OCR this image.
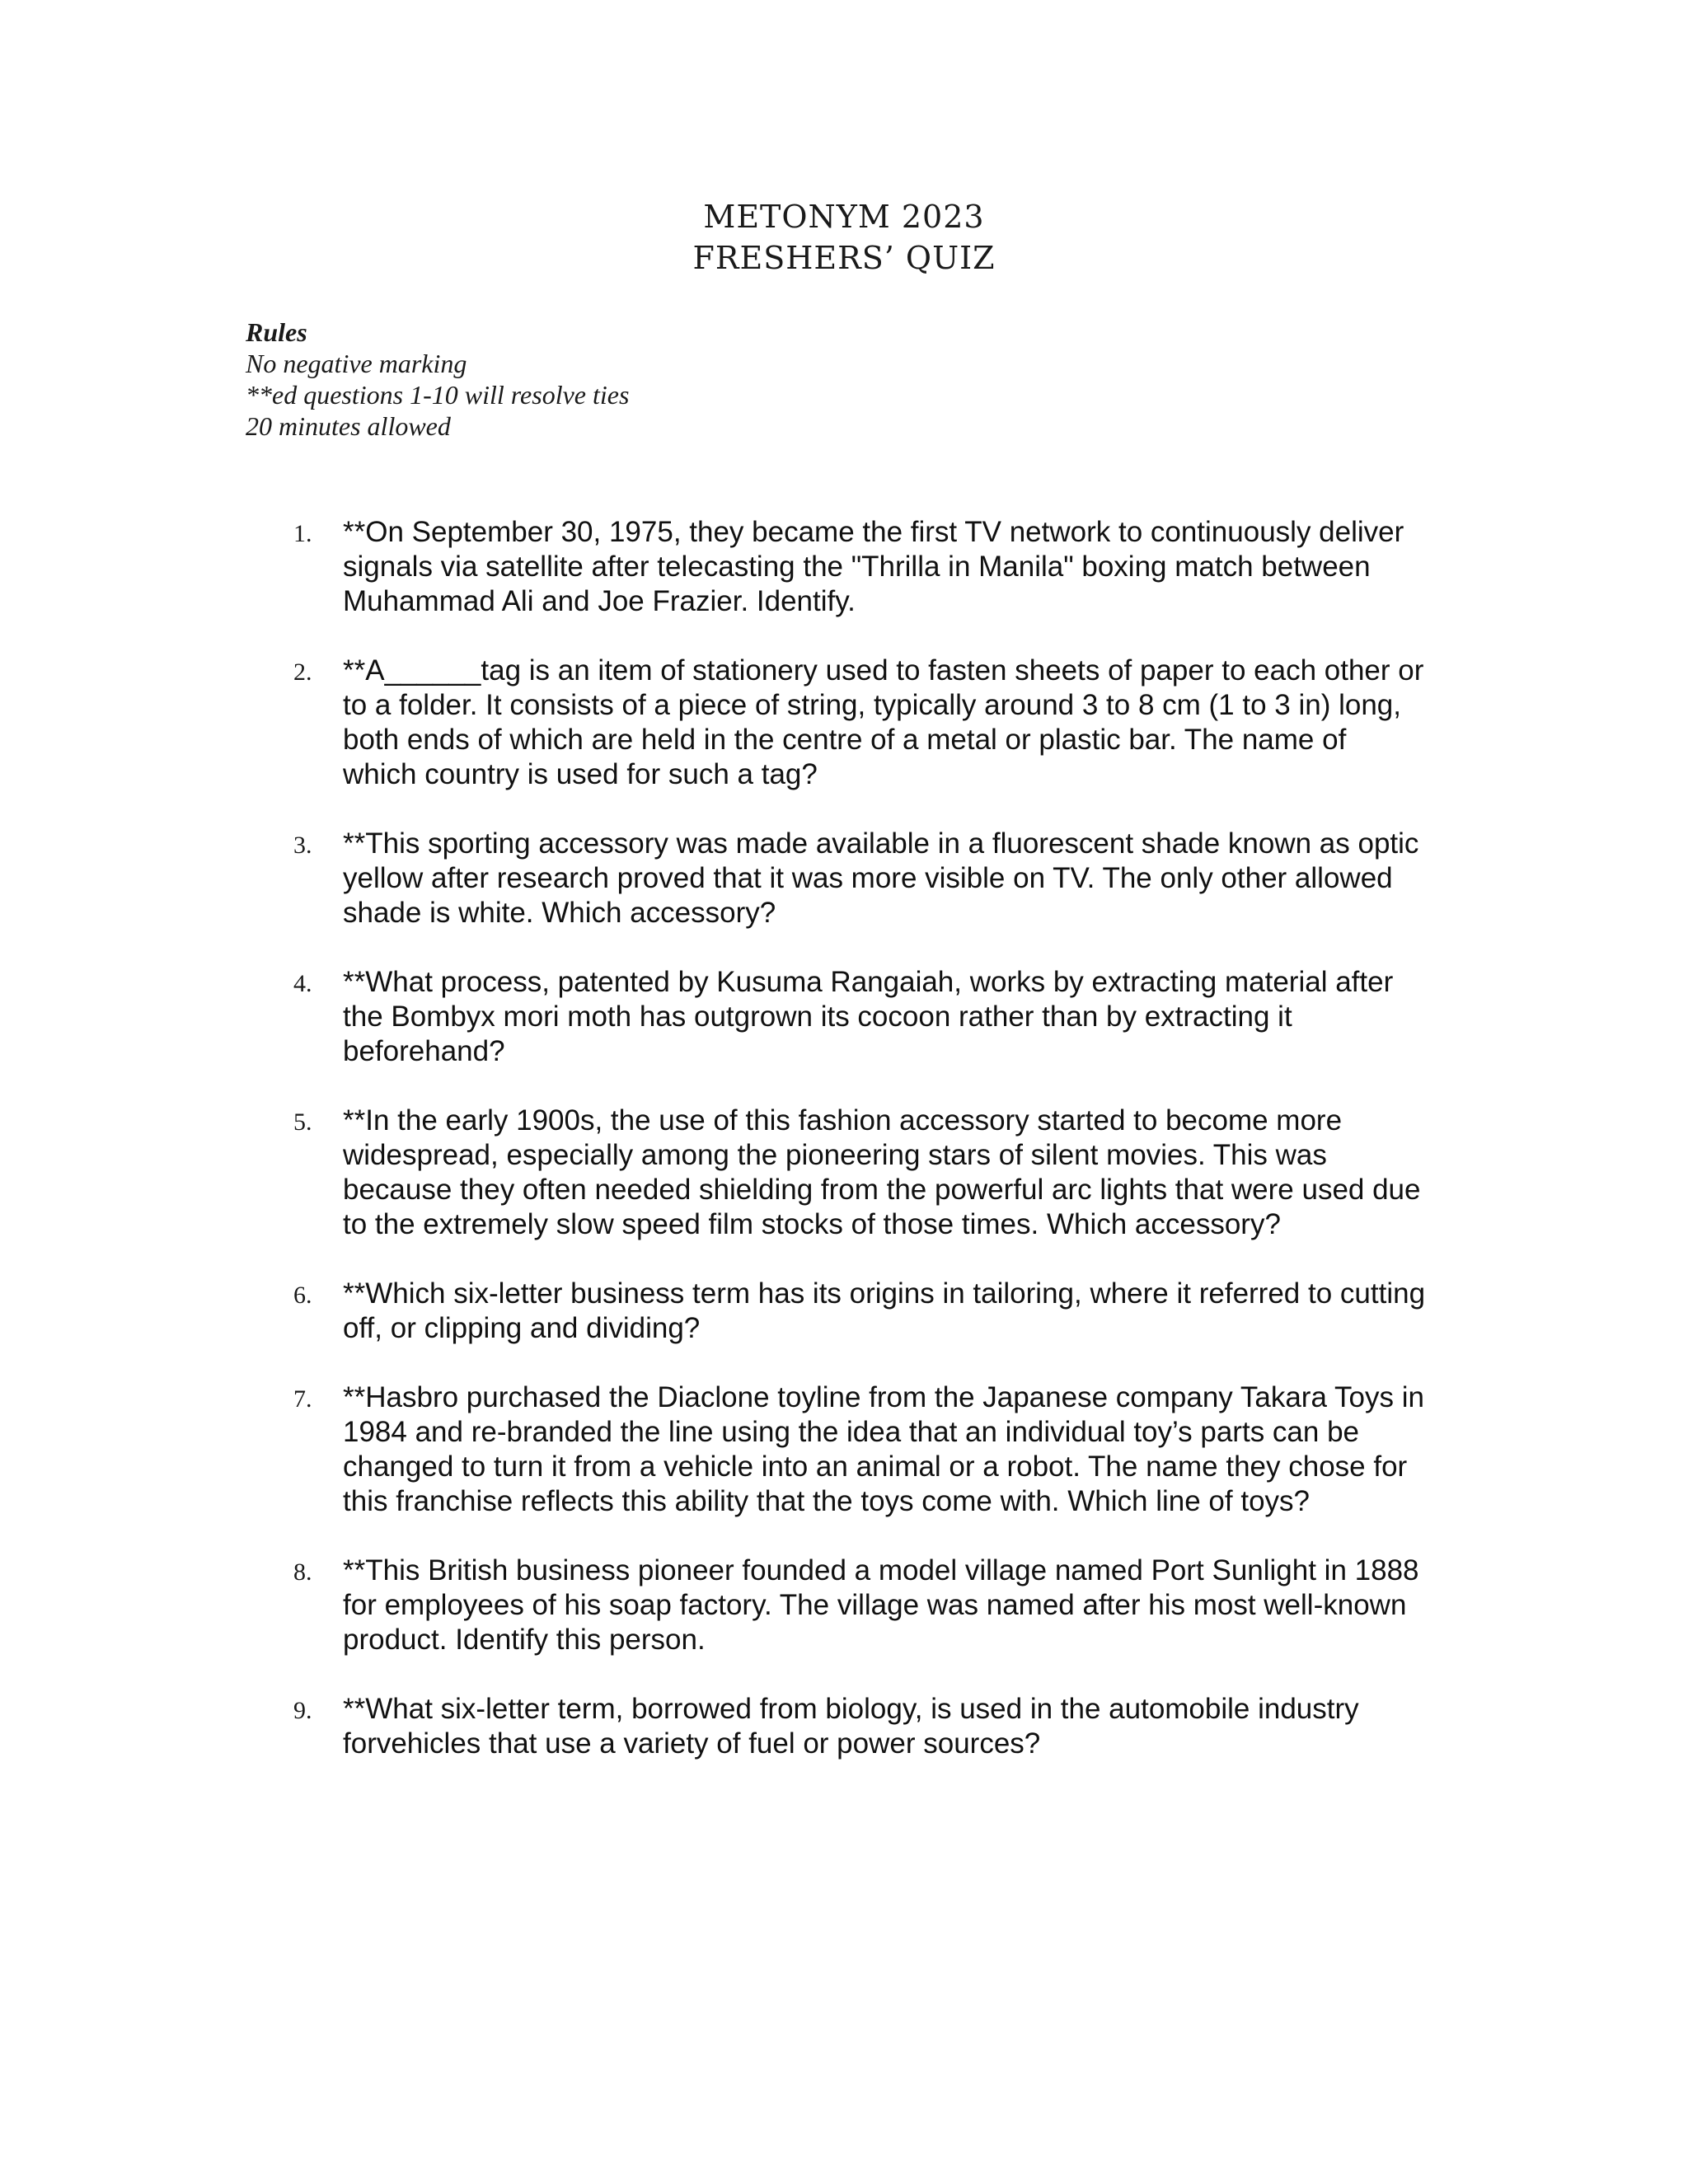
METONYM 2023
FRESHERS’ QUIZ
Rules
No negative marking
**ed questions 1-10 will resolve ties
20 minutes allowed
1. **On September 30, 1975, they became the first TV network to continuously deliver signals via satellite after telecasting the "Thrilla in Manila" boxing match between Muhammad Ali and Joe Frazier. Identify.
2. **A______tag is an item of stationery used to fasten sheets of paper to each other or to a folder. It consists of a piece of string, typically around 3 to 8 cm (1 to 3 in) long, both ends of which are held in the centre of a metal or plastic bar. The name of which country is used for such a tag?
3. **This sporting accessory was made available in a fluorescent shade known as optic yellow after research proved that it was more visible on TV. The only other allowed shade is white. Which accessory?
4. **What process, patented by Kusuma Rangaiah, works by extracting material after the Bombyx mori moth has outgrown its cocoon rather than by extracting it beforehand?
5. **In the early 1900s, the use of this fashion accessory started to become more widespread, especially among the pioneering stars of silent movies. This was because they often needed shielding from the powerful arc lights that were used due to the extremely slow speed film stocks of those times. Which accessory?
6. **Which six-letter business term has its origins in tailoring, where it referred to cutting off, or clipping and dividing?
7. **Hasbro purchased the Diaclone toyline from the Japanese company Takara Toys in 1984 and re-branded the line using the idea that an individual toy’s parts can be changed to turn it from a vehicle into an animal or a robot. The name they chose for this franchise reflects this ability that the toys come with. Which line of toys?
8. **This British business pioneer founded a model village named Port Sunlight in 1888 for employees of his soap factory. The village was named after his most well-known product. Identify this person.
9. **What six-letter term, borrowed from biology, is used in the automobile industry forvehicles that use a variety of fuel or power sources?
